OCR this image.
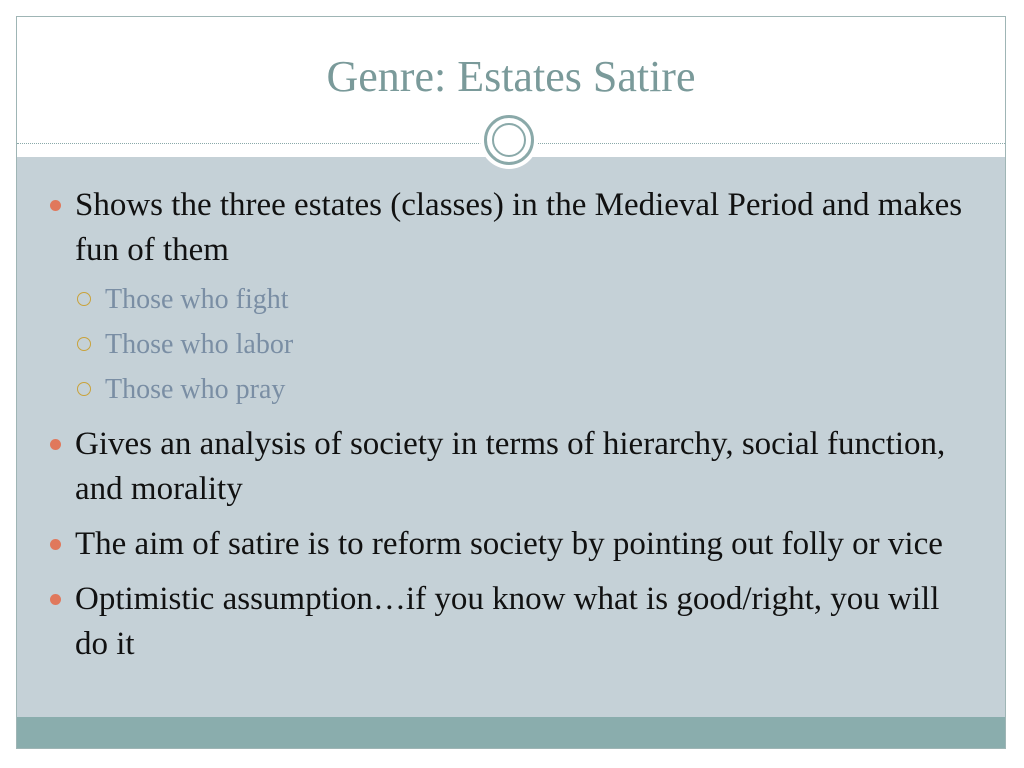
Genre: Estates Satire
Shows the three estates (classes) in the Medieval Period and makes fun of them
Those who fight
Those who labor
Those who pray
Gives an analysis of society in terms of hierarchy, social function, and morality
The aim of satire is to reform society by pointing out folly or vice
Optimistic assumption…if you know what is good/right, you will do it
